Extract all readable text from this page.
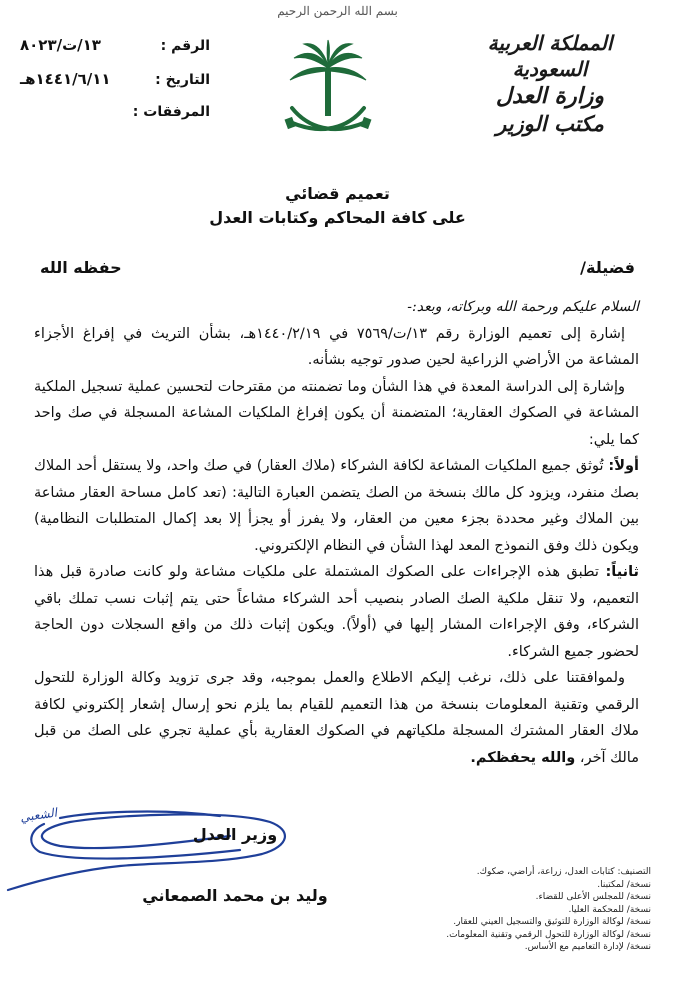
بسم الله الرحمن الرحيم
المملكة العربية السعودية
وزارة العدل
مكتب الوزير
الرقم :
١٣/ت/٨٠٢٣
التاريخ :
١٤٤١/٦/١١هـ
المرفقات :
تعميم قضائي
على كافة المحاكم وكتابات العدل
فضيلة/
حفظه الله

السلام عليكم ورحمة الله وبركاته، وبعد:-

إشارة إلى تعميم الوزارة رقم ١٣/ت/٧٥٦٩ في ١٤٤٠/٢/١٩هـ، بشأن التريث في إفراغ الأجزاء المشاعة من الأراضي الزراعية لحين صدور توجيه بشأنه.

وإشارة إلى الدراسة المعدة في هذا الشأن وما تضمنته من مقترحات لتحسين عملية تسجيل الملكية المشاعة في الصكوك العقارية؛ المتضمنة أن يكون إفراغ الملكيات المشاعة المسجلة في صك واحد كما يلي:

أولاً: تُوثق جميع الملكيات المشاعة لكافة الشركاء (ملاك العقار) في صك واحد، ولا يستقل أحد الملاك بصك منفرد، ويزود كل مالك بنسخة من الصك يتضمن العبارة التالية: (تعد كامل مساحة العقار مشاعة بين الملاك وغير محددة بجزء معين من العقار، ولا يفرز أو يجزأ إلا بعد إكمال المتطلبات النظامية) ويكون ذلك وفق النموذج المعد لهذا الشأن في النظام الإلكتروني.

ثانياً: تطبق هذه الإجراءات على الصكوك المشتملة على ملكيات مشاعة ولو كانت صادرة قبل هذا التعميم، ولا تنقل ملكية الصك الصادر بنصيب أحد الشركاء مشاعاً حتى يتم إثبات نسب تملك باقي الشركاء، وفق الإجراءات المشار إليها في (أولاً). ويكون إثبات ذلك من واقع السجلات دون الحاجة لحضور جميع الشركاء.

ولموافقتنا على ذلك، نرغب إليكم الاطلاع والعمل بموجبه، وقد جرى تزويد وكالة الوزارة للتحول الرقمي وتقنية المعلومات بنسخة من هذا التعميم للقيام بما يلزم نحو إرسال إشعار إلكتروني لكافة ملاك العقار المشترك المسجلة ملكياتهم في الصكوك العقارية بأي عملية تجري على الصك من قبل مالك آخر، والله يحفظكم.

الشعبي
وزير العدل
وليد بن محمد الصمعاني
التصنيف: كتابات العدل، زراعة، أراضي، صكوك.
نسخة/ لمكتبنا.
نسخة/ للمجلس الأعلى للقضاء.
نسخة/ للمحكمة العليا.
نسخة/ لوكالة الوزارة للتوثيق والتسجيل العيني للعقار.
نسخة/ لوكالة الوزارة للتحول الرقمي وتقنية المعلومات.
نسخة/ لإدارة التعاميم مع الأساس.
